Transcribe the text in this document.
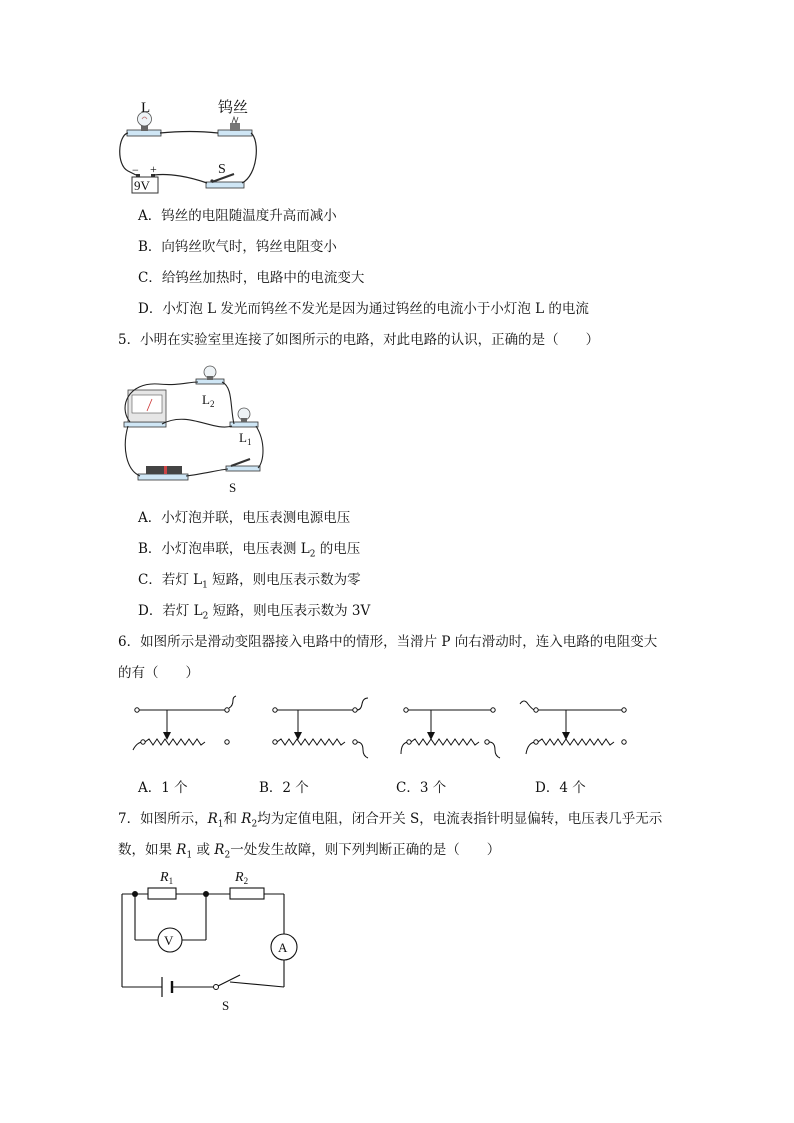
L	钨丝
S
9V
− +
A．钨丝的电阻随温度升高而减小
B．向钨丝吹气时，钨丝电阻变小
C．给钨丝加热时，电路中的电流变大
D．小灯泡 L 发光而钨丝不发光是因为通过钨丝的电流小于小灯泡 L 的电流
5．小明在实验室里连接了如图所示的电路，对此电路的认识，正确的是（　　）
$L_2$
$L_1$
S
A．小灯泡并联，电压表测电源电压
B．小灯泡串联，电压表测 $L_2$ 的电压
C．若灯 $L_1$ 短路，则电压表示数为零
D．若灯 $L_2$ 短路，则电压表示数为 3V
6．如图所示是滑动变阻器接入电路中的情形，当滑片 P 向右滑动时，连入电路的电阻变大
的有（　　）
A．1 个	B．2 个	C．3 个	D．4 个
7．如图所示，$R_1$和 $R_2$均为定值电阻，闭合开关 S，电流表指针明显偏转，电压表几乎无示
数，如果 $R_1$ 或 $R_2$一处发生故障，则下列判断正确的是（　　）
V	A
S
$R_1$	$R_2$
